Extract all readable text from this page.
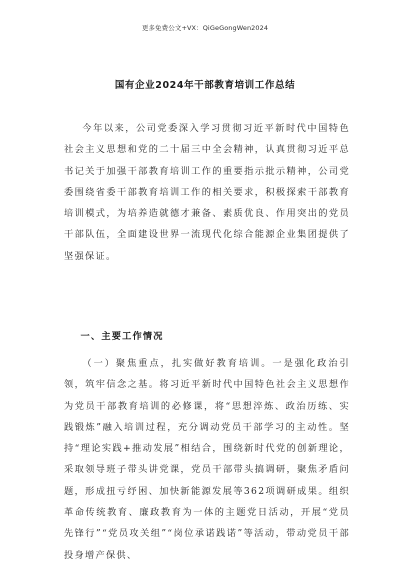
更多免费公文+VX：QiGeGongWen2024
国有企业2024年干部教育培训工作总结
今年以来，公司党委深入学习贯彻习近平新时代中国特色社会主义思想和党的二十届三中全会精神，认真贯彻习近平总书记关于加强干部教育培训工作的重要指示批示精神，公司党委围绕省委干部教育培训工作的相关要求，积极探索干部教育培训模式，为培养造就德才兼备、素质优良、作用突出的党员干部队伍，全面建设世界一流现代化综合能源企业集团提供了坚强保证。
一、主要工作情况
（一）聚焦重点，扎实做好教育培训。一是强化政治引领，筑牢信念之基。将习近平新时代中国特色社会主义思想作为党员干部教育培训的必修课，将“思想淬炼、政治历练、实践锻炼”融入培训过程，充分调动党员干部学习的主动性。坚持“理论实践+推动发展”相结合，围绕新时代党的创新理论，采取领导班子带头讲党课，党员干部带头搞调研，聚焦矛盾问题，形成扭亏纾困、加快新能源发展等362项调研成果。组织革命传统教育、廉政教育为一体的主题党日活动，开展“党员先锋行”“党员攻关组”“岗位承诺践诺”等活动，带动党员干部投身增产保供、
